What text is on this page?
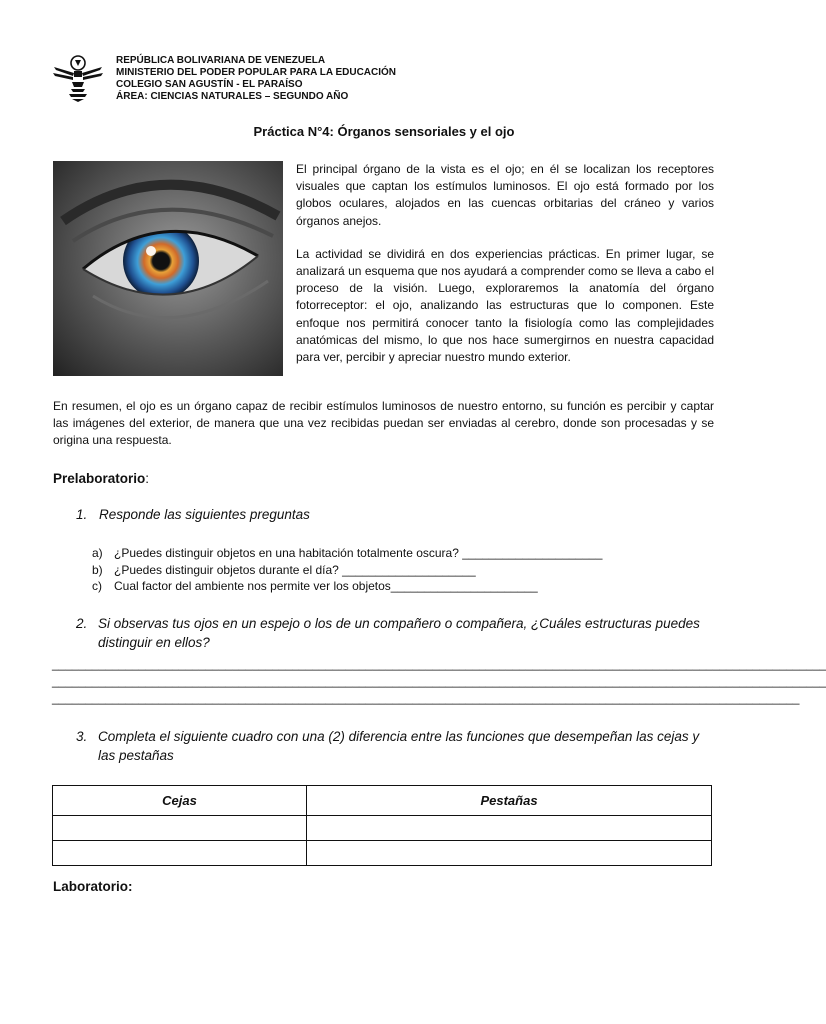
REPÚBLICA BOLIVARIANA DE VENEZUELA
MINISTERIO DEL PODER POPULAR PARA LA EDUCACIÓN
COLEGIO SAN AGUSTÍN - EL PARAÍSO
ÁREA: CIENCIAS NATURALES – SEGUNDO AÑO
Práctica N°4: Órganos sensoriales y el ojo

El principal órgano de la vista es el ojo; en él se localizan los receptores visuales que captan los estímulos luminosos. El ojo está formado por los globos oculares, alojados en las cuencas orbitarias del cráneo y varios órganos anejos.

La actividad se dividirá en dos experiencias prácticas. En primer lugar, se analizará un esquema que nos ayudará a comprender como se lleva a cabo el proceso de la visión. Luego, exploraremos la anatomía del órgano fotorreceptor: el ojo, analizando las estructuras que lo componen. Este enfoque nos permitirá conocer tanto la fisiología como las complejidades anatómicas del mismo, lo que nos hace sumergirnos en nuestra capacidad para ver, percibir y apreciar nuestro mundo exterior.

En resumen, el ojo es un órgano capaz de recibir estímulos luminosos de nuestro entorno, su función es percibir y captar las imágenes del exterior, de manera que una vez recibidas puedan ser enviadas al cerebro, donde son procesadas y se origina una respuesta.
Prelaboratorio:
1. Responde las siguientes preguntas
a) ¿Puedes distinguir objetos en una habitación totalmente oscura? _____________________
b) ¿Puedes distinguir objetos durante el día? ____________________
c) Cual factor del ambiente nos permite ver los objetos______________________
2. Si observas tus ojos en un espejo o los de un compañero o compañera, ¿Cuáles estructuras puedes distinguir en ellos?
____________________________________________________________________________________________________________________
____________________________________________________________________________________________________________________
________________________________________________________________________________________________________________
3. Completa el siguiente cuadro con una (2) diferencia entre las funciones que desempeñan las cejas y las pestañas
Cejas	Pestañas

Laboratorio:
